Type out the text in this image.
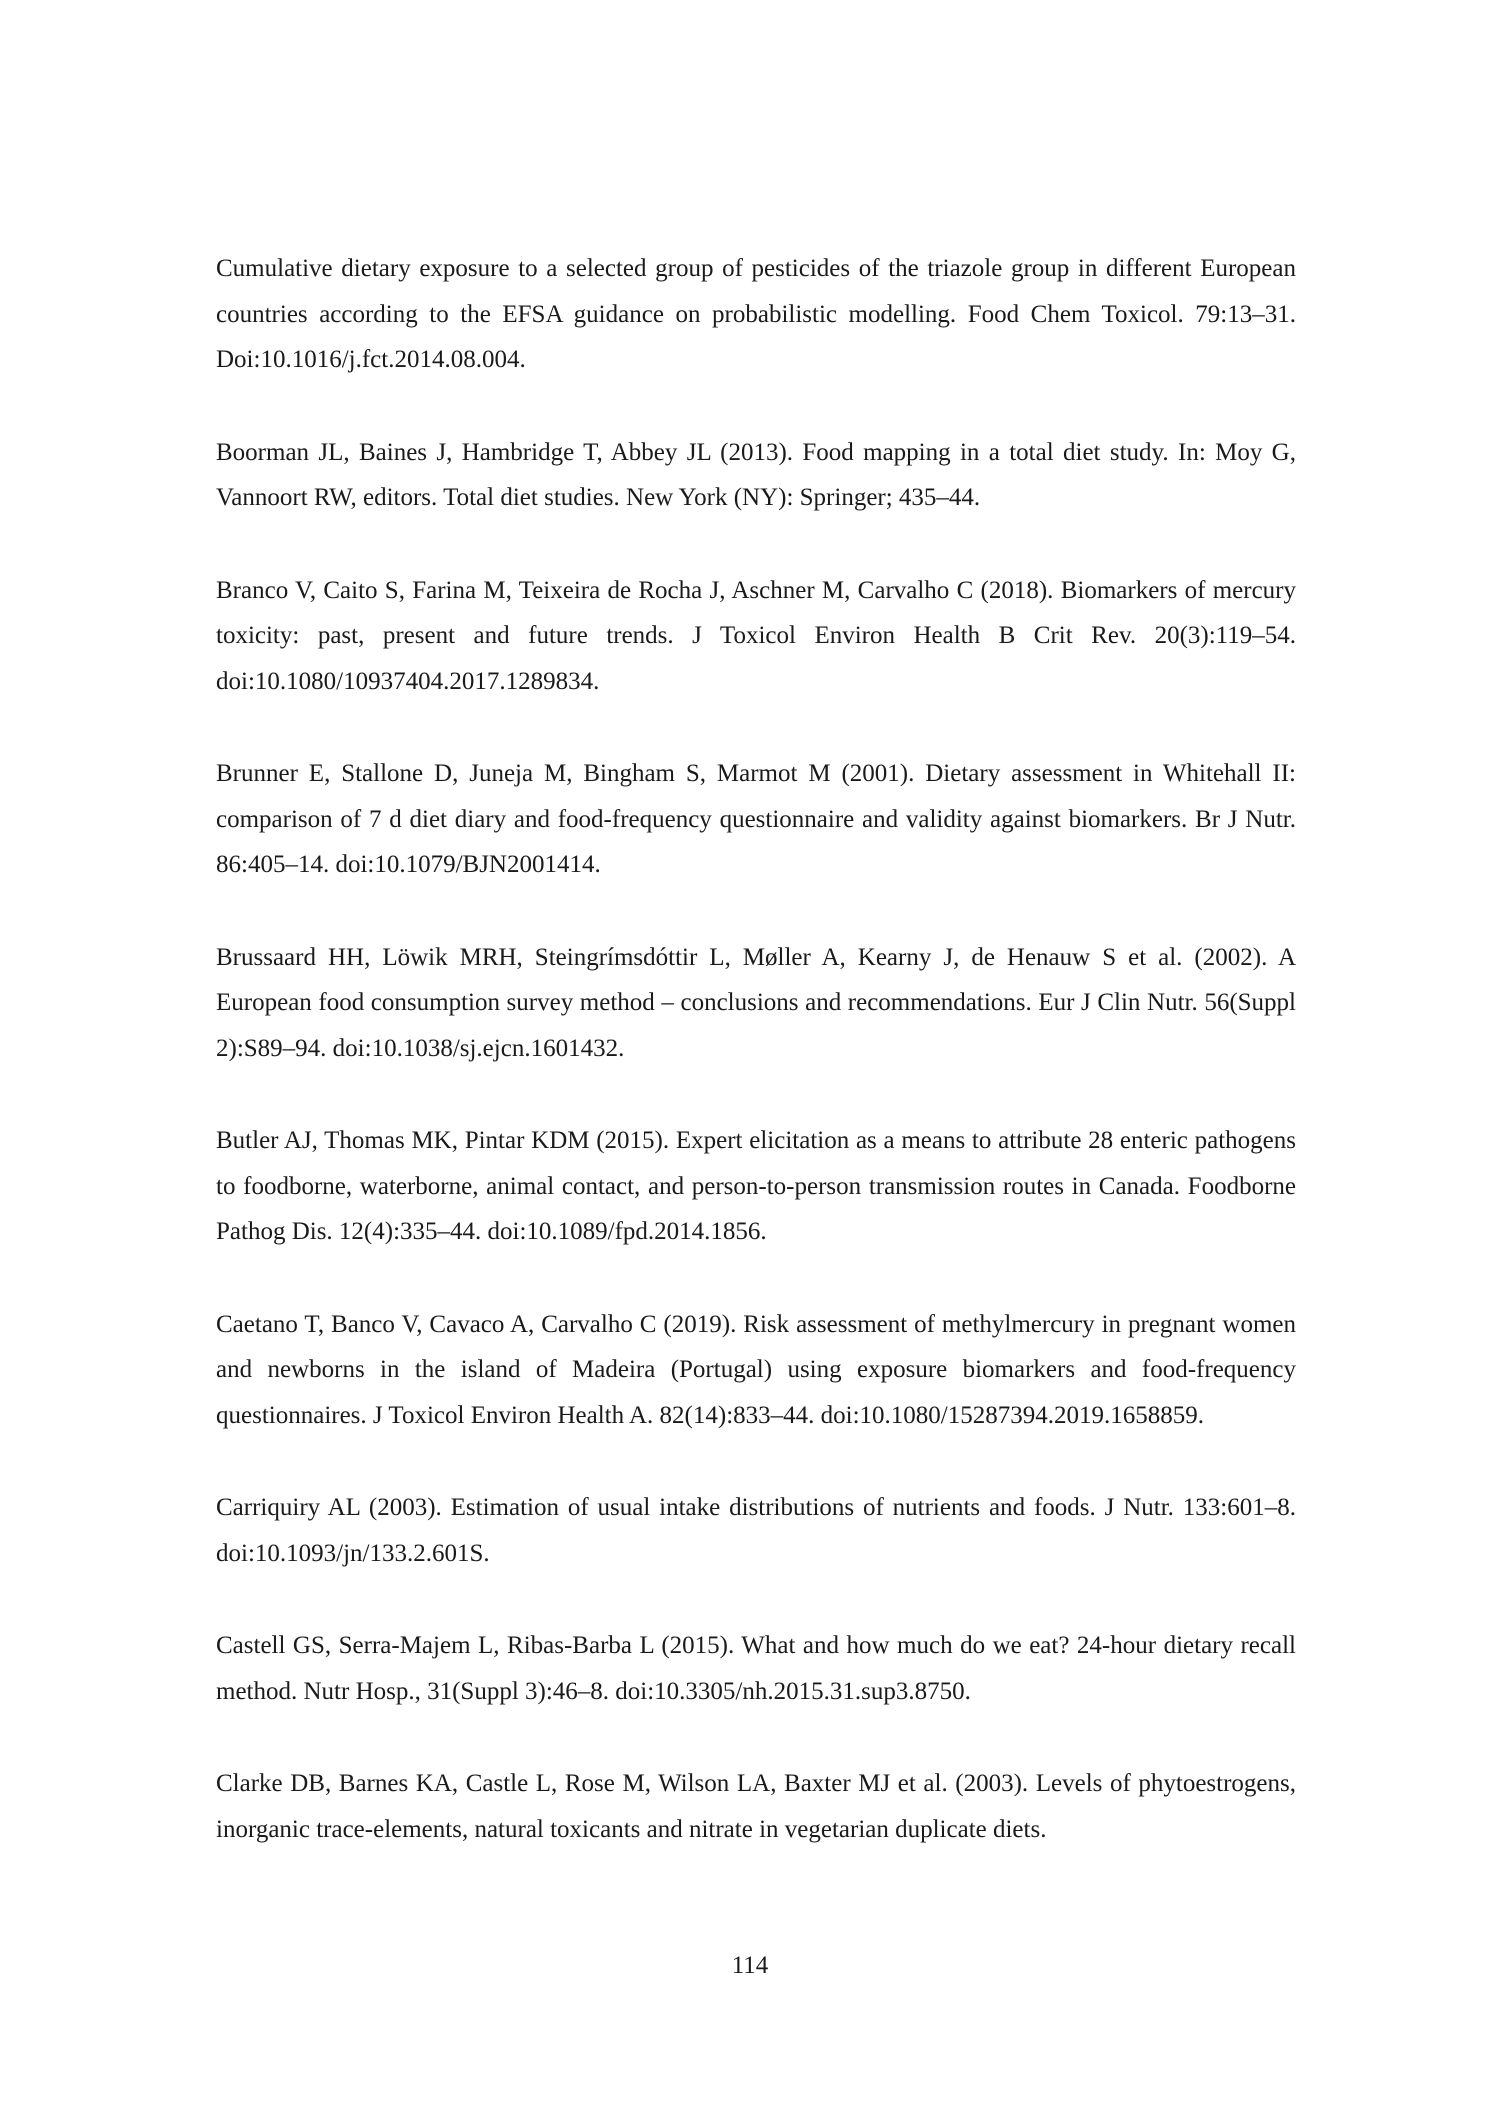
Cumulative dietary exposure to a selected group of pesticides of the triazole group in different European countries according to the EFSA guidance on probabilistic modelling. Food Chem Toxicol. 79:13–31. Doi:10.1016/j.fct.2014.08.004.

Boorman JL, Baines J, Hambridge T, Abbey JL (2013). Food mapping in a total diet study. In: Moy G, Vannoort RW, editors. Total diet studies. New York (NY): Springer; 435–44.

Branco V, Caito S, Farina M, Teixeira de Rocha J, Aschner M, Carvalho C (2018). Biomarkers of mercury toxicity: past, present and future trends. J Toxicol Environ Health B Crit Rev. 20(3):119–54. doi:10.1080/10937404.2017.1289834.

Brunner E, Stallone D, Juneja M, Bingham S, Marmot M (2001). Dietary assessment in Whitehall II: comparison of 7 d diet diary and food-frequency questionnaire and validity against biomarkers. Br J Nutr. 86:405–14. doi:10.1079/BJN2001414.

Brussaard HH, Löwik MRH, Steingrímsdóttir L, Møller A, Kearny J, de Henauw S et al. (2002). A European food consumption survey method – conclusions and recommendations. Eur J Clin Nutr. 56(Suppl 2):S89–94. doi:10.1038/sj.ejcn.1601432.

Butler AJ, Thomas MK, Pintar KDM (2015). Expert elicitation as a means to attribute 28 enteric pathogens to foodborne, waterborne, animal contact, and person-to-person transmission routes in Canada. Foodborne Pathog Dis. 12(4):335–44. doi:10.1089/fpd.2014.1856.

Caetano T, Banco V, Cavaco A, Carvalho C (2019). Risk assessment of methylmercury in pregnant women and newborns in the island of Madeira (Portugal) using exposure biomarkers and food-frequency questionnaires. J Toxicol Environ Health A. 82(14):833–44. doi:10.1080/15287394.2019.1658859.

Carriquiry AL (2003). Estimation of usual intake distributions of nutrients and foods. J Nutr. 133:601–8. doi:10.1093/jn/133.2.601S.

Castell GS, Serra-Majem L, Ribas-Barba L (2015). What and how much do we eat? 24-hour dietary recall method. Nutr Hosp., 31(Suppl 3):46–8. doi:10.3305/nh.2015.31.sup3.8750.

Clarke DB, Barnes KA, Castle L, Rose M, Wilson LA, Baxter MJ et al. (2003). Levels of phytoestrogens, inorganic trace-elements, natural toxicants and nitrate in vegetarian duplicate diets.

114
